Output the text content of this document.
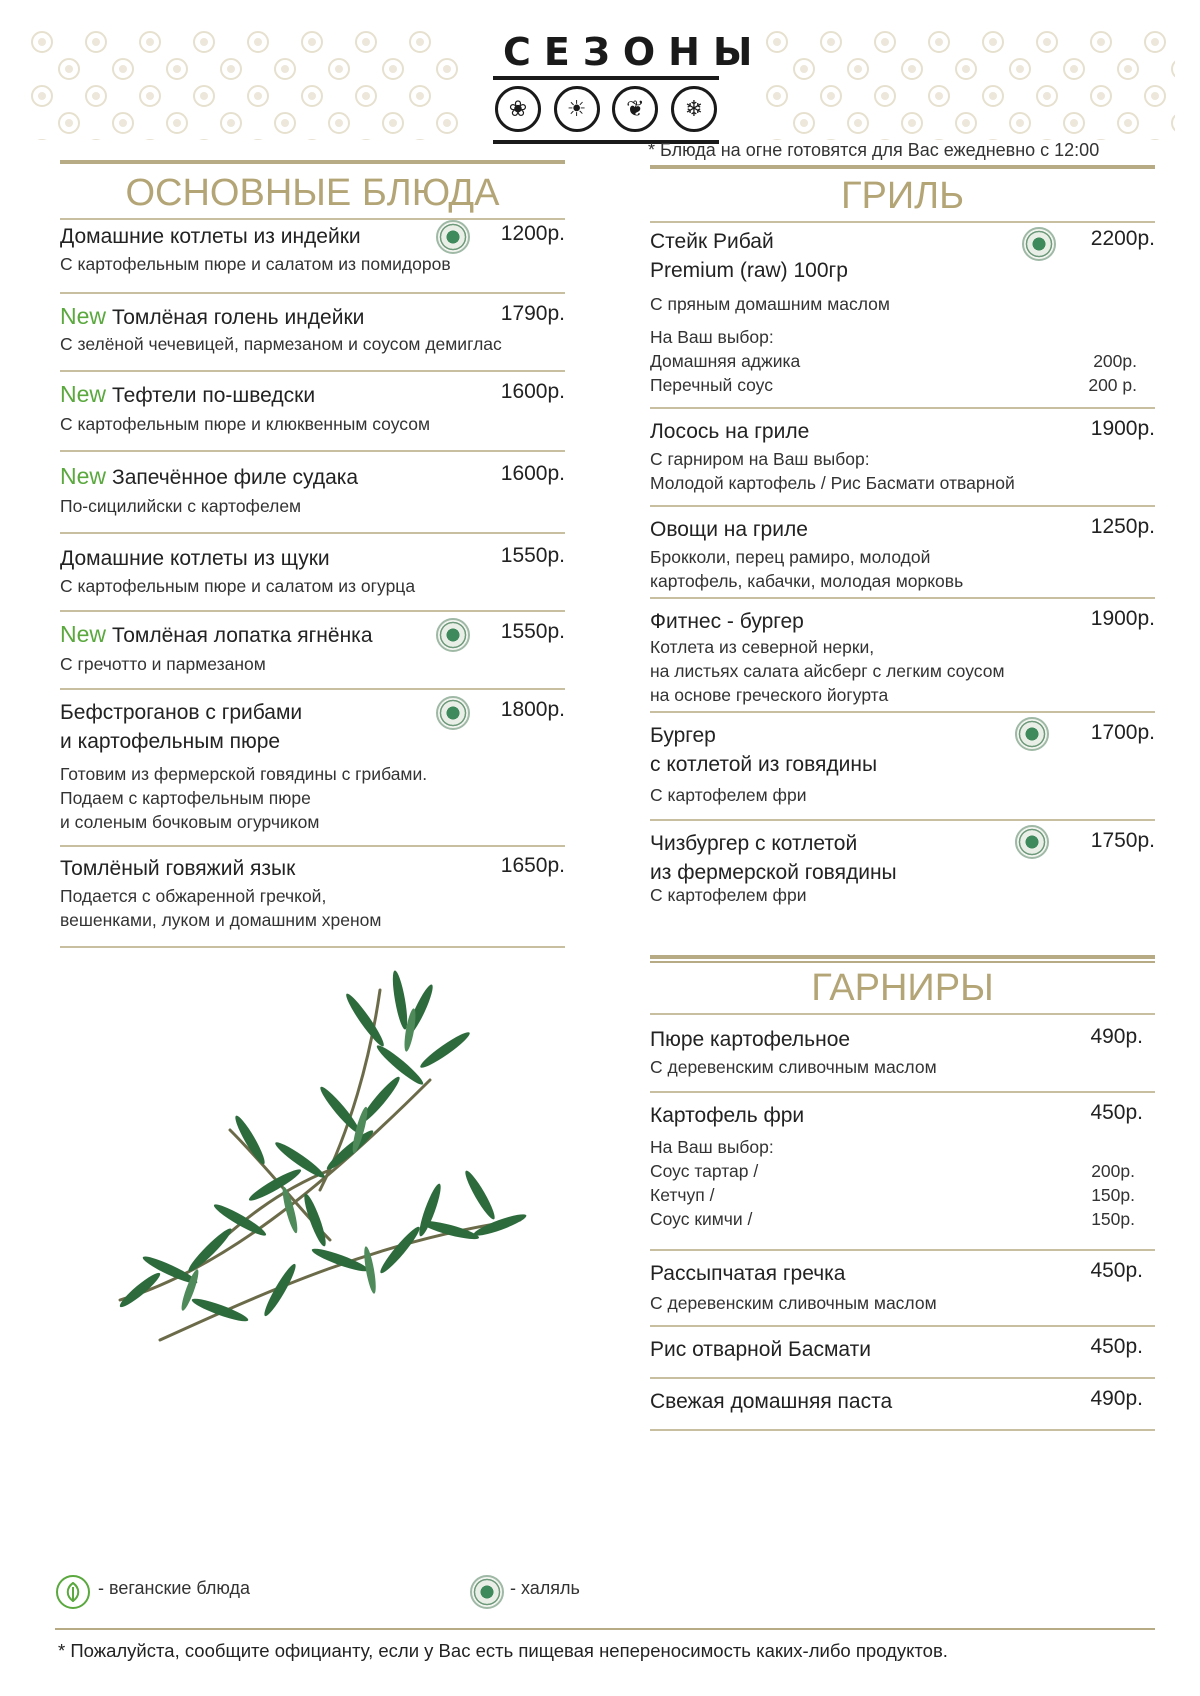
СЕЗОНЫ
❀	☀	❦	❄
* Блюда на огне готовятся для Вас ежедневно с 12:00
ОСНОВНЫЕ БЛЮДА
Домашние котлеты из индейки	1200р.
С картофельным пюре и салатом из помидоров
New Томлёная голень индейки	1790р.
С зелёной чечевицей, пармезаном и соусом демиглас
New Тефтели по-шведски	1600р.
С картофельным пюре и клюквенным соусом
New Запечённое филе судака	1600р.
По-сицилийски с картофелем
Домашние котлеты из щуки	1550р.
С картофельным пюре и салатом из огурца
New Томлёная лопатка ягнёнка	1550р.
С гречотто и пармезаном
Бефстроганов с грибами
и картофельным пюре
1800р.
Готовим из фермерской говядины с грибами.
Подаем с картофельным пюре
и соленым бочковым огурчиком
Томлёный говяжий язык	1650р.
Подается с обжаренной гречкой,
вешенками, луком и домашним хреном
ГРИЛЬ
Стейк Рибай
Premium (raw) 100гр
2200р.
С пряным домашним маслом
На Ваш выбор:
Домашняя аджика	200р.
Перечный соус	200 р.
Лосось на гриле	1900р.
С гарниром на Ваш выбор:
Молодой картофель / Рис Басмати отварной
Овощи на гриле	1250р.
Брокколи, перец рамиро, молодой
картофель, кабачки, молодая морковь
Фитнес - бургер	1900р.
Котлета из северной нерки,
на листьях салата айсберг с легким соусом
на основе греческого йогурта
Бургер
с котлетой из говядины
1700р.
С картофелем фри
Чизбургер с котлетой
из фермерской говядины
1750р.
С картофелем фри
ГАРНИРЫ
Пюре картофельное	490р.
С деревенским сливочным маслом
Картофель фри	450р.
На Ваш выбор:
Соус тартар /	200р.
Кетчуп /	150р.
Соус кимчи /	150р.
Рассыпчатая гречка	450р.
С деревенским сливочным маслом
Рис отварной Басмати	450р.
Свежая домашняя паста	490р.
- веганские блюда	- халяль
* Пожалуйста, сообщите официанту, если у Вас есть пищевая непереносимость каких-либо продуктов.
